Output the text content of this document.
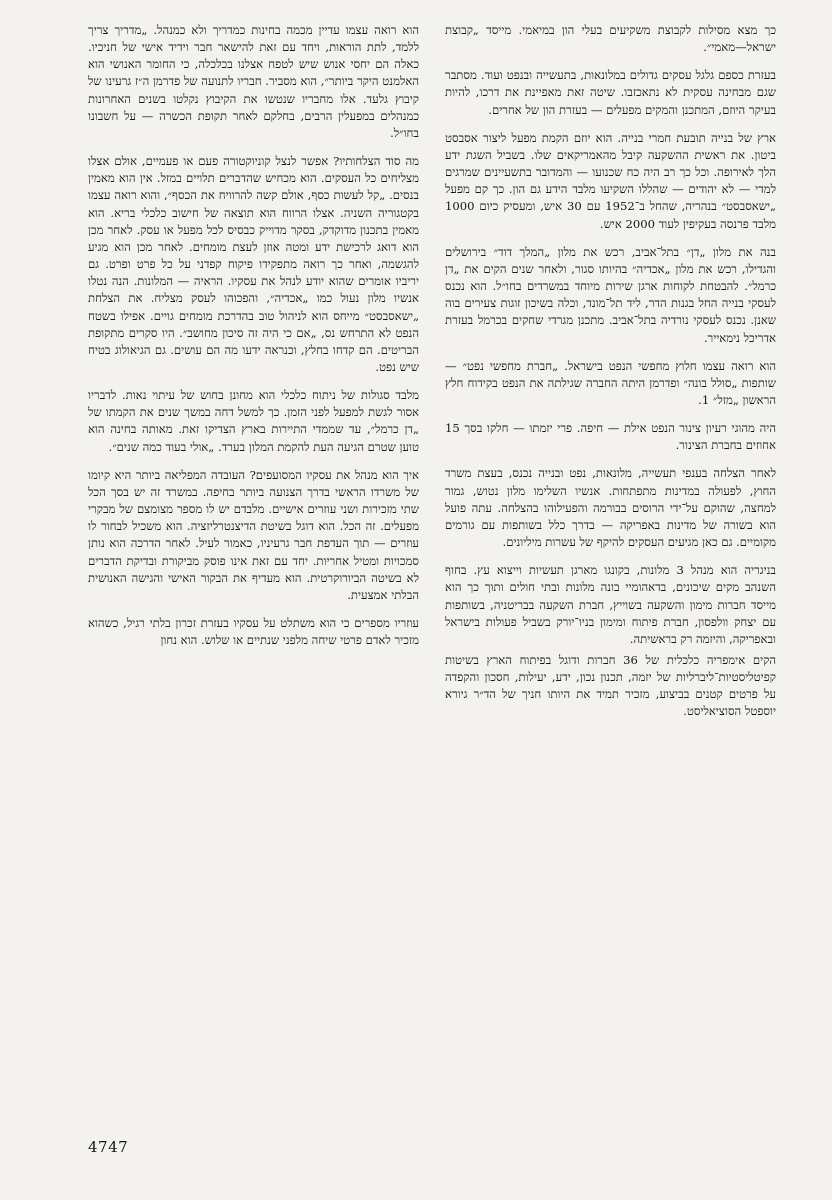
כך מצא מסילות לקבוצת משקיעים בעלי הון במיאמי. מייסד „קבוצת ישראל—מאמי״.

בעזרת כספם גלגל עסקים גדולים במלונאות, בתעשייה ובנפט ועוד. מסתבר שגם מבחינה עסקית לא נתאכזבו. שיטה זאת מאפיינת את דרכו, להיות בעיקר היוזם, המתכנן והמקים מפעלים — בעזרת הון של אחרים.

ארץ של בנייה תובעת חמרי בנייה. הוא יוזם הקמת מפעל ליצור אסבסט ביטון. את ראשית ההשקעה קיבל מהאמריקאים שלו. בשביל השגת ידע הלך לאירופה. וכל כך רב היה כח שכנועו — והמדובר בתשעיינים שמרגים למדי — לא יהודים — שהללו השקיעו מלבד הידע גם הון. כך קם מפעל „ישאסבסט״ בנהריה, שהחל ב־1952 עם 30 איש, ומעסיק כיום 1000 מלבד פרנסה בעקיפין לעוד 2000 איש.

בנה את מלון „דן״ בתל־אביב, רכש את מלון „המלך דוד״ בירושלים והגדילו, רכש את מלון „אכדיה״ בהיותו סגור, ולאחר שנים הקים את „דן כרמל״. להבטחת לקוחות ארגן שירות מיוחד במשרדים בחו״ל. הוא נכנס לעסקי בנייה החל בגנות הדר, ליד תל־מונד, וכלה בשיכון זוגות צעירים בוה שאנן. נכנס לעסקי נורדיה בתל־אביב. מתכנן מגרדי שחקים בכרמל בעזרת אדריכל נימאייר.

הוא רואה עצמו חלוץ מחפשי הנפט בישראל. „חברת מחפשי נפט״ — שותפות „סולל בונה״ ופדרמן היתה החברה שגילתה את הנפט בקידוח חלץ הראשון „מזל״ 1.

היה מהוגי רעיון צינור הנפט אילת — חיפה. פרי יזמתו — חלקו בסך 15 אחוזים בחברת הצינור.

לאחר הצלחה בענפי תעשייה, מלונאות, נפט ובנייה נכנס, בעצת משרד החוץ, לפעולה במדינות מתפתחות. אנשיו השלימו מלון נטוש, גמור למחצה, שהוקם על־ידי הרוסים בבורמה והפעילוהו בהצלחה. עתה פועל הוא בשורה של מדינות באפריקה — בדרך כלל בשותפות עם גורמים מקומיים. גם כאן מגיעים העסקים להיקף של עשרות מיליונים.

בניגריה הוא מנהל 3 מלונות, בקונגו מארגן תעשיות וייצוא עץ. בחוף השנהב מקים שיכונים, בדאהומיי בונה מלונות ובתי חולים ותוך כך הוא מייסד חברות מימון והשקעה בשוייץ, חברת השקעה בבריטניה, בשותפות עם יצחק וולפסון, חברת פיתוח ומימון בניו־יורק בשביל פעולות בישראל ובאפריקה, והיזמה רק בראשיתה.

הקים אימפריה כלכלית של 36 חברות ודוגל בפיתוח הארץ בשיטות קפיטליסטיות־ליברליות של יזמה, תכנון נכון, ידע, יעילות, חסכון והקפדה על פרטים קטנים בביצוע, מזכיר תמיד את היותו חניך של הד״ר גיורא יוספטל הסוציאליסט.

הוא רואה עצמו עדיין מכמה בחינות כמדריך ולא כמנהל. „מדריך צריך ללמד, לתת הוראות, ויחד עם זאת להישאר חבר וידיד אישי של חניכיו. כאלה הם יחסי אנוש שיש לטפח אצלנו בכלכלה, כי החומר האנושי הוא האלמנט היקר ביותר״, הוא מסביר. חבריו לתנועה של פדרמן ה״ז גרעינו של קיבוץ גלעד. אלו מחבריו שנטשו את הקיבוץ נקלטו בשנים האחרונות כמנהלים במפעלין הרבים, בחלקם לאחר תקופת הכשרה — על חשבונו בחו״ל.

מה סוד הצלחותיו? אפשר לנצל קוניוקטורה פעם או פעמיים, אולם אצלו מצליחים כל העסקים. הוא מכחיש שהדברים תלויים במזל. אין הוא מאמין בנסים. „קל לעשות כסף, אולם קשה להרוויח את הכסף״, והוא רואה עצמו בקטגוריה השניה. אצלו הרווח הוא תוצאה של חישוב כלכלי בריא. הוא מאמין בתכנון מדוקדק, בסקר מדוייק כבסיס לכל מפעל או עסק. לאחר מכן הוא דואג לרכישת ידע ומטה אוזן לעצת מומחים. לאחר מכן הוא מגיע להגשמה, ואחר כך רואה מתפקידו פיקוח קפדני על כל פרט ופרט. גם יריביו אומרים שהוא יודע לנהל את עסקיו. הראיה — המלונות. הנה נטלו אנשיו מלון נעול כמו „אכדיה״, והפכוהו לעסק מצליח. את הצלחת „ישאסבסט״ מייחס הוא לניהול טוב בהדרכת מומחים גויים. אפילו בשטח הנפט לא התרחש נס, „אם כי היה זה סיכון מחושב״. היו סקרים מתקופת הבריטים. הם קדחו בחלץ, וכנראה ידעו מה הם עושים. גם הגיאולוג בטיח שיש נפט.

מלבד סגולות של ניתוח כלכלי הוא מחונן בחוש של עיתוי נאות. לדבריו אסור לגשת למפעל לפני הזמן. כך למשל דחה במשך שנים את הקמתו של „דן כרמל״, עד שממדי התיירות בארץ הצדיקו זאת. מאותה בחינה הוא טוען שטרם הגיעה העת להקמת המלון בערד. „אולי בעוד כמה שנים״.

איך הוא מנהל את עסקיו המסועפים? העובדה המפליאה ביותר היא קיומו של משרדו הראשי בדרך הצנועה ביותר בחיפה. במשרד זה יש בסך הכל שתי מזכירות ושני עוזרים אישיים. מלבדם יש לו מספר מצומצם של מבקרי מפעלים. זה הכל. הוא דוגל בשיטת הדיצנטרליזציה. הוא משכיל לבחור לו עוזרים — תוך העדפת חבר גרעיניו, כאמור לעיל. לאחר הדרכה הוא נותן סמכויות ומטיל אחריות. יחד עם זאת אינו פוסק מביקורת ובדיקת הדברים לא בשיטה הביורוקרטית. הוא מעדיף את הבקור האישי והגישה האנושית הבלתי אמצעית.

עוזריו מספרים כי הוא משתלט על עסקיו בעזרת זכרון בלתי רגיל, כשהוא מזכיר לאדם פרטי שיחה מלפני שנתיים או שלוש. הוא נחון

4747
